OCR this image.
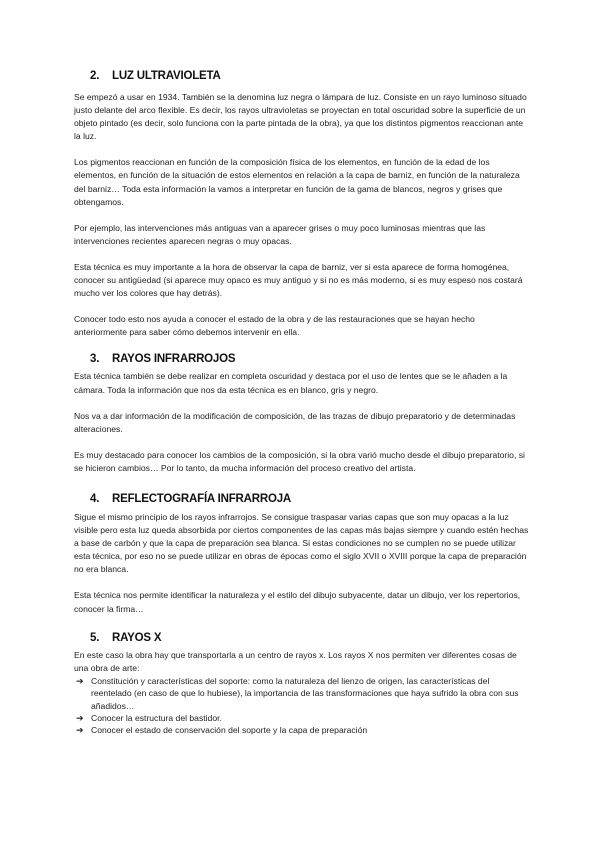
2. LUZ ULTRAVIOLETA

Se empezó a usar en 1934. También se la denomina luz negra o lámpara de luz. Consiste en un rayo luminoso situado justo delante del arco flexible. Es decir, los rayos ultravioletas se proyectan en total oscuridad sobre la superficie de un objeto pintado (es decir, solo funciona con la parte pintada de la obra), ya que los distintos pigmentos reaccionan ante la luz.

Los pigmentos reaccionan en función de la composición física de los elementos, en función de la edad de los elementos, en función de la situación de estos elementos en relación a la capa de barniz, en función de la naturaleza del barniz… Toda esta información la vamos a interpretar en función de la gama de blancos, negros y grises que obtengamos.

Por ejemplo, las intervenciones más antiguas van a aparecer grises o muy poco luminosas mientras que las intervenciones recientes aparecen negras o muy opacas.

Esta técnica es muy importante a la hora de observar la capa de barniz, ver si esta aparece de forma homogénea, conocer su antigüedad (si aparece muy opaco es muy antiguo y si no es más moderno, si es muy espeso nos costará mucho ver los colores que hay detrás).

Conocer todo esto nos ayuda a conocer el estado de la obra y de las restauraciones que se hayan hecho anteriormente para saber cómo debemos intervenir en ella.

3. RAYOS INFRARROJOS

Esta técnica también se debe realizar en completa oscuridad y destaca por el uso de lentes que se le añaden a la cámara. Toda la información que nos da esta técnica es en blanco, gris y negro.

Nos va a dar información de la modificación de composición, de las trazas de dibujo preparatorio y de determinadas alteraciones.

Es muy destacado para conocer los cambios de la composición, si la obra varió mucho desde el dibujo preparatorio, si se hicieron cambios… Por lo tanto, da mucha información del proceso creativo del artista.

4. REFLECTOGRAFÍA INFRARROJA

Sigue el mismo principio de los rayos infrarrojos. Se consigue traspasar varias capas que son muy opacas a la luz visible pero esta luz queda absorbida por ciertos componentes de las capas más bajas siempre y cuando estén hechas a base de carbón y que la capa de preparación sea blanca. Si estas condiciones no se cumplen no se puede utilizar esta técnica, por eso no se puede utilizar en obras de épocas como el siglo XVII o XVIII porque la capa de preparación no era blanca.

Esta técnica nos permite identificar la naturaleza y el estilo del dibujo subyacente, datar un dibujo, ver los repertorios, conocer la firma…

5. RAYOS X

En este caso la obra hay que transportarla a un centro de rayos x. Los rayos X nos permiten ver diferentes cosas de una obra de arte:

➔ Constitución y características del soporte: como la naturaleza del lienzo de origen, las características del reentelado (en caso de que lo hubiese), la importancia de las transformaciones que haya sufrido la obra con sus añadidos…
➔ Conocer la estructura del bastidor.
➔ Conocer el estado de conservación del soporte y la capa de preparación
